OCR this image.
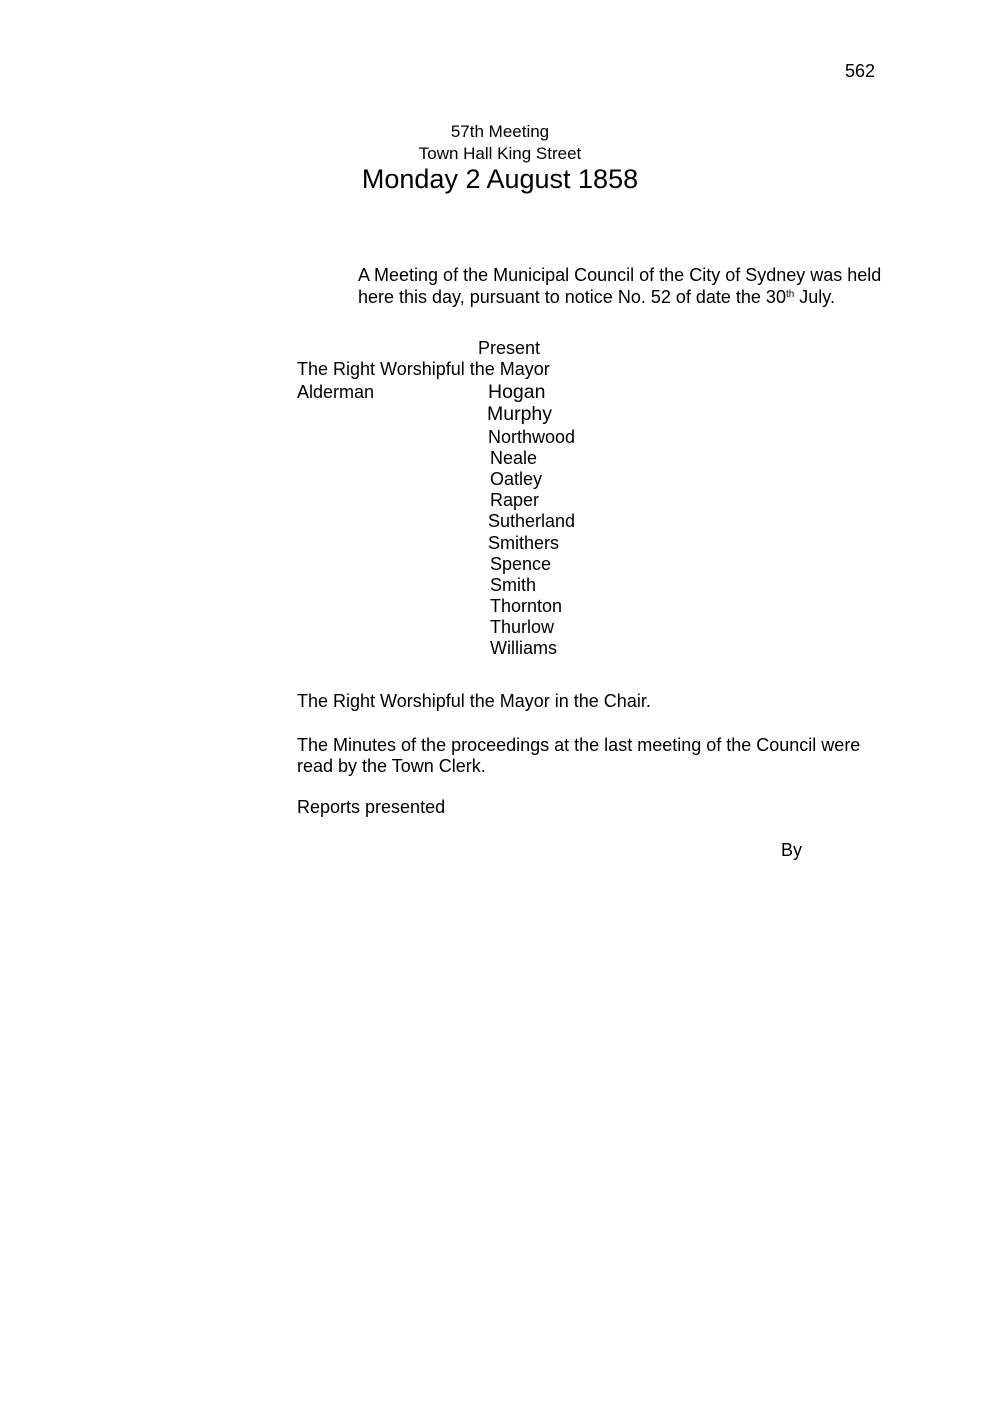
562
57th Meeting
Town Hall King Street
Monday 2 August 1858
A Meeting of the Municipal Council of the City of Sydney was held
here this day, pursuant to notice No. 52 of date the 30th July.
Present
The Right Worshipful the Mayor
Alderman	Hogan
Murphy
Northwood
Neale
Oatley
Raper
Sutherland
Smithers
Spence
Smith
Thornton
Thurlow
Williams
The Right Worshipful the Mayor in the Chair.
The Minutes of the proceedings at the last meeting of the Council were
read by the Town Clerk.
Reports presented
By
